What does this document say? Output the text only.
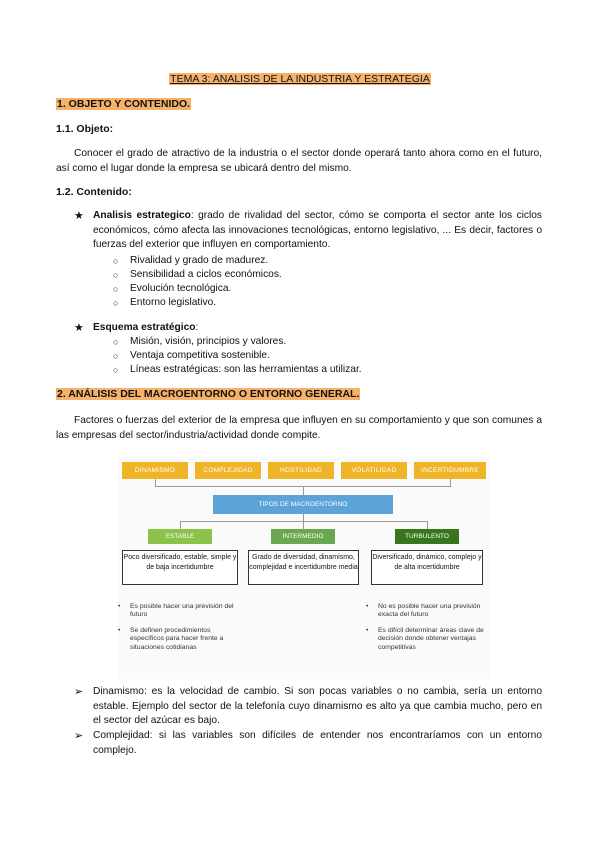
TEMA 3: ANALISIS DE LA INDUSTRIA Y ESTRATEGIA
1. OBJETO Y CONTENIDO.
1.1. Objeto:
Conocer el grado de atractivo de la industria o el sector donde operará tanto ahora como en el futuro, así como el lugar donde la empresa se ubicará dentro del mismo.
1.2. Contenido:
★ Analisis estrategico: grado de rivalidad del sector, cómo se comporta el sector ante los ciclos económicos, cómo afecta las innovaciones tecnológicas, entorno legislativo, ... Es decir, factores o fuerzas del exterior que influyen en comportamiento.
○ Rivalidad y grado de madurez.
○ Sensibilidad a ciclos económicos.
○ Evolución tecnológica.
○ Entorno legislativo.
★ Esquema estratégico:
○ Misión, visión, principios y valores.
○ Ventaja competitiva sostenible.
○ Líneas estratégicas: son las herramientas a utilizar.
2. ANÁLISIS DEL MACROENTORNO O ENTORNO GENERAL.
Factores o fuerzas del exterior de la empresa que influyen en su comportamiento y que son comunes a las empresas del sector/industria/actividad donde compite.
DINAMISMO	COMPLEJIDAD	HOSTILIDAD	VOLATILIDAD	INCERTIDUMBRE
TIPOS DE MACROENTORNO
ESTABLE	INTERMEDIO	TURBULENTO
Poco diversificado, estable, simple y de baja incertidumbre
Grado de diversidad, dinamismo, complejidad e incertidumbre media
Diversificado, dinámico, complejo y de alta incertidumbre
• Es posible hacer una previsión del futuro
• Se definen procedimientos específicos para hacer frente a situaciones cotidianas
• No es posible hacer una previsión exacta del futuro
• Es difícil determinar áreas clave de decisión donde obtener ventajas competitivas
➢ Dinamismo: es la velocidad de cambio. Si son pocas variables o no cambia, sería un entorno estable. Ejemplo del sector de la telefonía cuyo dinamismo es alto ya que cambia mucho, pero en el sector del azúcar es bajo.
➢ Complejidad: si las variables son difíciles de entender nos encontraríamos con un entorno complejo.
